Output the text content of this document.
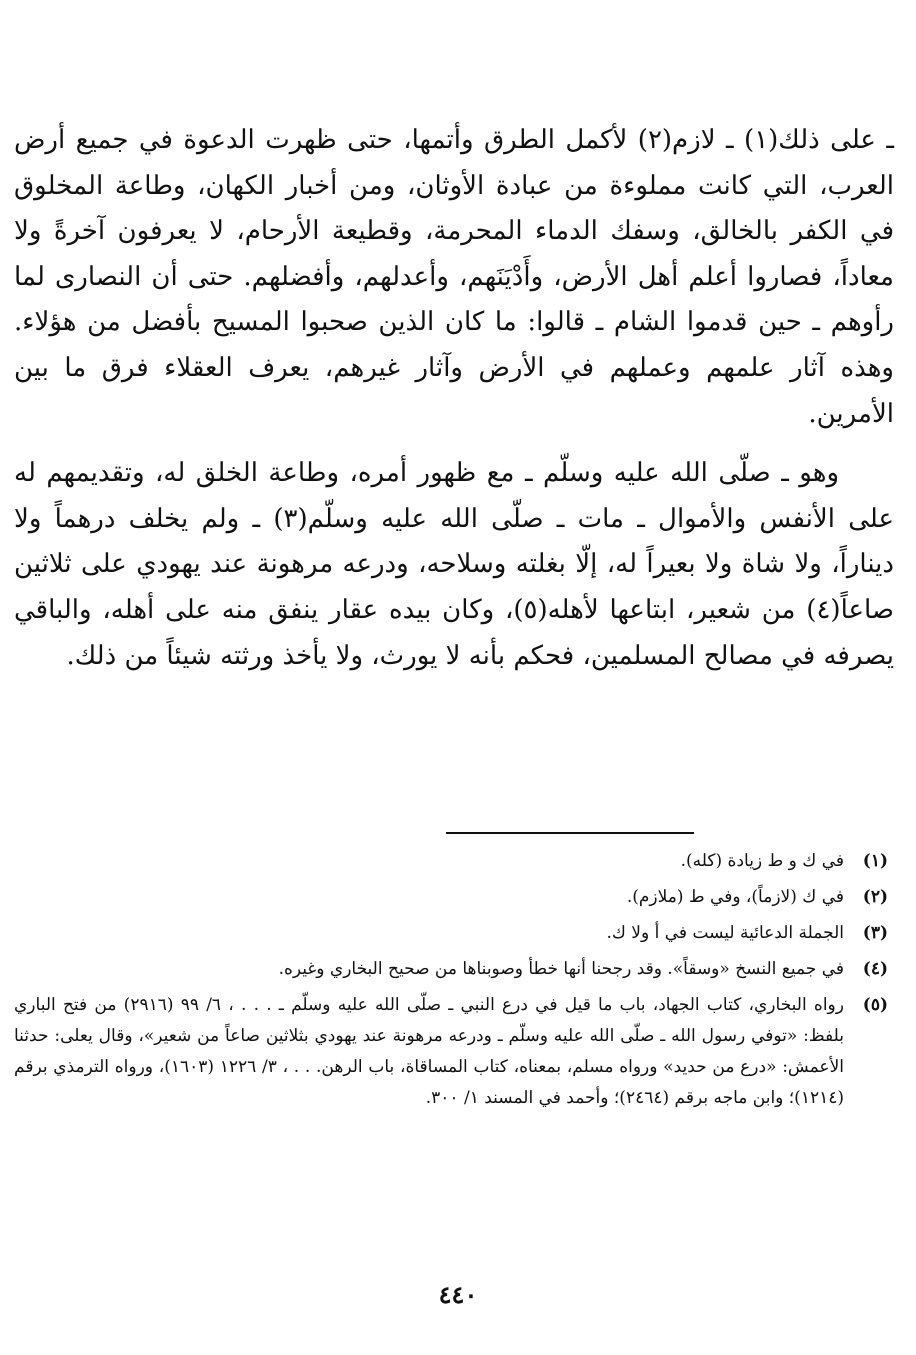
ـ على ذلك(١) ـ لازم(٢) لأكمل الطرق وأتمها، حتى ظهرت الدعوة في جميع أرض العرب، التي كانت مملوءة من عبادة الأوثان، ومن أخبار الكهان، وطاعة المخلوق في الكفر بالخالق، وسفك الدماء المحرمة، وقطيعة الأرحام، لا يعرفون آخرةً ولا معاداً، فصاروا أعلم أهل الأرض، وأَدْيَنَهم، وأعدلهم، وأفضلهم. حتى أن النصارى لما رأوهم ـ حين قدموا الشام ـ قالوا: ما كان الذين صحبوا المسيح بأفضل من هؤلاء. وهذه آثار علمهم وعملهم في الأرض وآثار غيرهم، يعرف العقلاء فرق ما بين الأمرين.

وهو ـ صلّى الله عليه وسلّم ـ مع ظهور أمره، وطاعة الخلق له، وتقديمهم له على الأنفس والأموال ـ مات ـ صلّى الله عليه وسلّم(٣) ـ ولم يخلف درهماً ولا ديناراً، ولا شاة ولا بعيراً له، إلّا بغلته وسلاحه، ودرعه مرهونة عند يهودي على ثلاثين صاعاً(٤) من شعير، ابتاعها لأهله(٥)، وكان بيده عقار ينفق منه على أهله، والباقي يصرفه في مصالح المسلمين، فحكم بأنه لا يورث، ولا يأخذ ورثته شيئاً من ذلك.

(١)
في ك و ط زيادة (كله).
(٢)
في ك (لازماً)، وفي ط (ملازم).
(٣)
الجملة الدعائية ليست في أ ولا ك.
(٤)
في جميع النسخ «وسقاً». وقد رجحنا أنها خطأ وصوبناها من صحيح البخاري وغيره.
(٥)
رواه البخاري، كتاب الجهاد، باب ما قيل في درع النبي ـ صلّى الله عليه وسلّم ـ . . . ، ٦/ ٩٩ (٢٩١٦) من فتح الباري بلفظ: «توفي رسول الله ـ صلّى الله عليه وسلّم ـ ودرعه مرهونة عند يهودي بثلاثين صاعاً من شعير»، وقال يعلى: حدثنا الأعمش: «درع من حديد» ورواه مسلم، بمعناه، كتاب المساقاة، باب الرهن. . . ، ٣/ ١٢٢٦ (١٦٠٣)، ورواه الترمذي برقم (١٢١٤)؛ وابن ماجه برقم (٢٤٦٤)؛ وأحمد في المسند ١/ ٣٠٠.
٤٤٠
